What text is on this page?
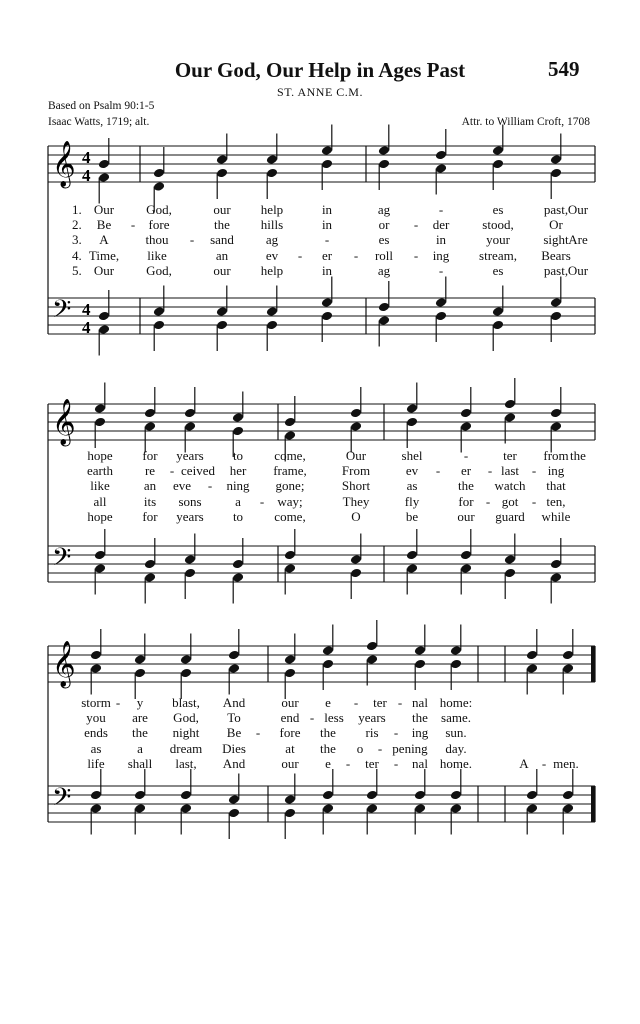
Our God, Our Help in Ages Past	549
ST. ANNE C.M.
Based on Psalm 90:1-5
Isaac Watts, 1719; alt.	Attr. to William Croft, 1708
𝄞
𝄢
4
4
4
4
𝄞
𝄢
𝄞
𝄢
1.
2.
3.
4.
5.
Our God,	our help	in	ag	-	es	past, Our
Be - fore	the hills	in	or - der	stood,	Or
A	thou - sand ag	-	es	in	your	sight Are
Time, like	an	ev - er - roll - ing stream, Bears
Our God,	our help	in	ag	-	es	past, Our
hope for years to come,	Our	shel	-	ter from the
earth re - ceived her frame,	From	ev - er - last - ing
like	an eve - ning gone;	Short	as	the watch that
all	its sons	a - way;	They	fly	for - got - ten,
hope for years to come,	O	be	our guard while
storm - y blast, And	our e - ter - nal home:
you are God, To	end - less years the same.
ends the night Be - fore the ris - ing sun.
as	a dream Dies	at the o - pening day.
life shall last, And	our e - ter - nal home.	A - men.
